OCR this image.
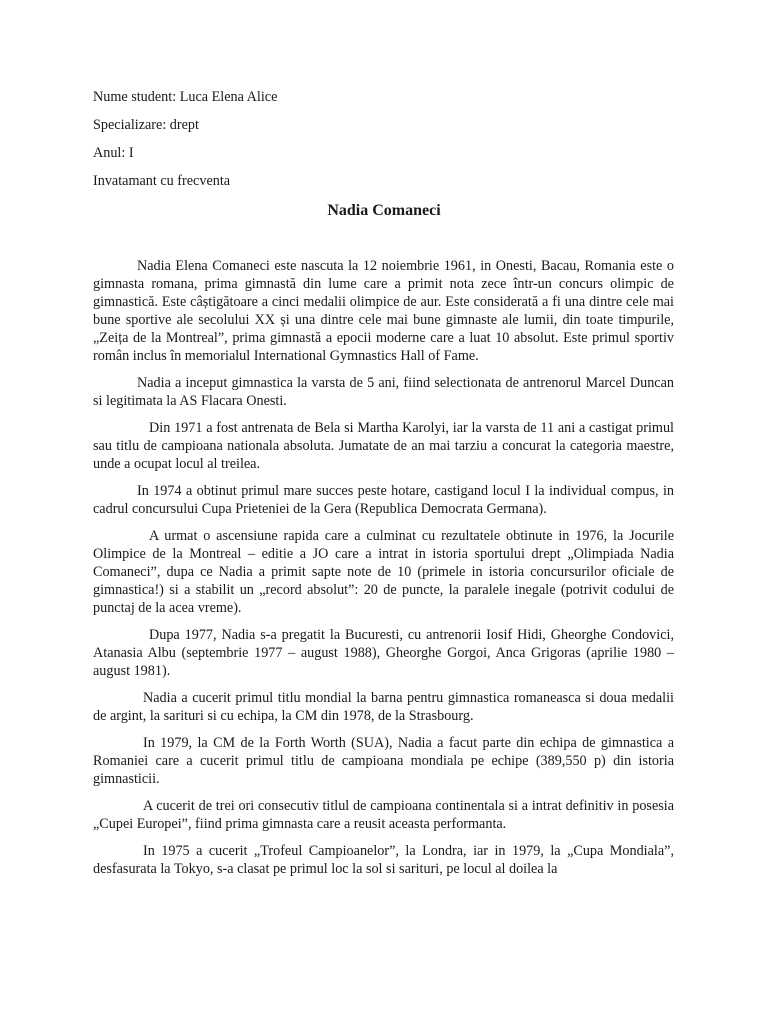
Nume student: Luca Elena Alice
Specializare: drept
Anul: I
Invatamant cu frecventa
Nadia Comaneci

Nadia Elena Comaneci este nascuta la 12 noiembrie 1961, in Onesti, Bacau, Romania este o gimnasta romana, prima gimnastă din lume care a primit nota zece într-un concurs olimpic de gimnastică. Este câștigătoare a cinci medalii olimpice de aur. Este considerată a fi una dintre cele mai bune sportive ale secolului XX și una dintre cele mai bune gimnaste ale lumii, din toate timpurile, „Zeița de la Montreal”, prima gimnastă a epocii moderne care a luat 10 absolut. Este primul sportiv român inclus în memorialul International Gymnastics Hall of Fame.

Nadia a inceput gimnastica la varsta de 5 ani, fiind selectionata de antrenorul Marcel Duncan si legitimata la AS Flacara Onesti.

Din 1971 a fost antrenata de Bela si Martha Karolyi, iar la varsta de 11 ani a castigat primul sau titlu de campioana nationala absoluta. Jumatate de an mai tarziu a concurat la categoria maestre, unde a ocupat locul al treilea.

In 1974 a obtinut primul mare succes peste hotare, castigand locul I la individual compus, in cadrul concursului Cupa Prieteniei de la Gera (Republica Democrata Germana).

A urmat o ascensiune rapida care a culminat cu rezultatele obtinute in 1976, la Jocurile Olimpice de la Montreal – editie a JO care a intrat in istoria sportului drept „Olimpiada Nadia Comaneci”, dupa ce Nadia a primit sapte note de 10 (primele in istoria concursurilor oficiale de gimnastica!) si a stabilit un „record absolut”: 20 de puncte, la paralele inegale (potrivit codului de punctaj de la acea vreme).

Dupa 1977, Nadia s-a pregatit la Bucuresti, cu antrenorii Iosif Hidi, Gheorghe Condovici, Atanasia Albu (septembrie 1977 – august 1988), Gheorghe Gorgoi, Anca Grigoras (aprilie 1980 – august 1981).

Nadia a cucerit primul titlu mondial la barna pentru gimnastica romaneasca si doua medalii de argint, la sarituri si cu echipa, la CM din 1978, de la Strasbourg.

In 1979, la CM de la Forth Worth (SUA), Nadia a facut parte din echipa de gimnastica a Romaniei care a cucerit primul titlu de campioana mondiala pe echipe (389,550 p) din istoria gimnasticii.

A cucerit de trei ori consecutiv titlul de campioana continentala si a intrat definitiv in posesia „Cupei Europei”, fiind prima gimnasta care a reusit aceasta performanta.

In 1975 a cucerit „Trofeul Campioanelor”, la Londra, iar in 1979, la „Cupa Mondiala”, desfasurata la Tokyo, s-a clasat pe primul loc la sol si sarituri, pe locul al doilea la
